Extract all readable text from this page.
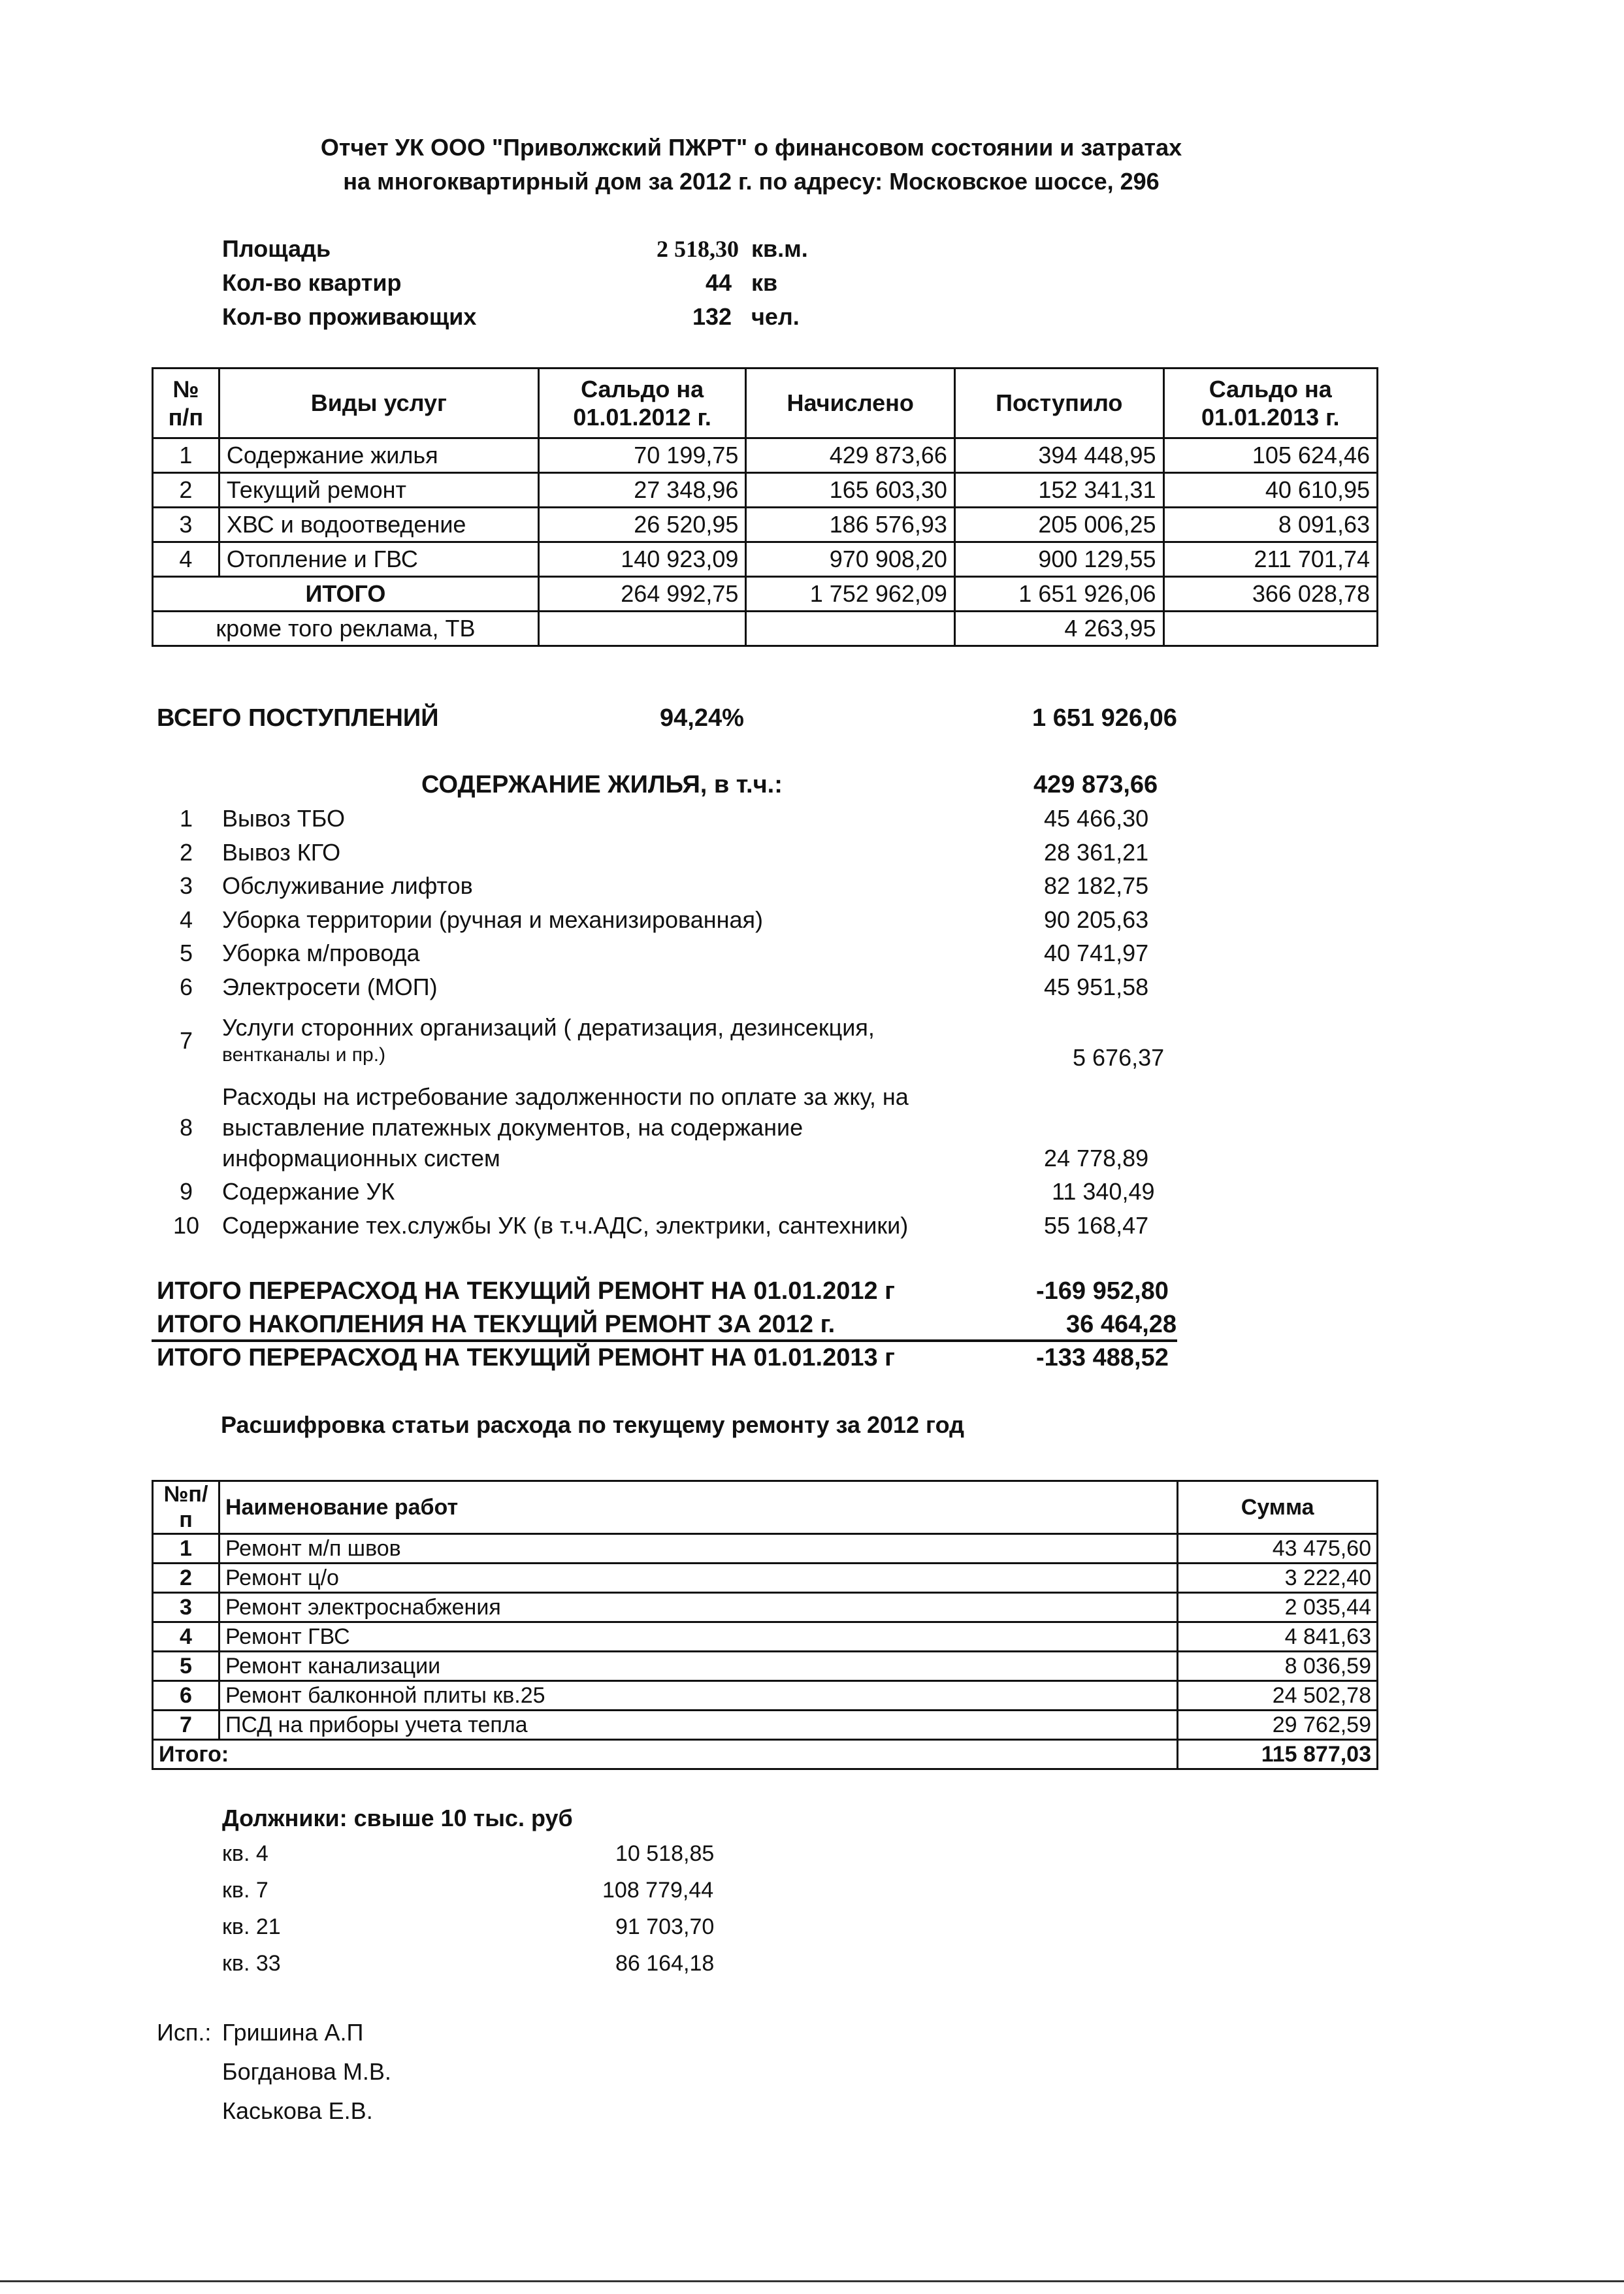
Отчет УК ООО "Приволжский ПЖРТ" о финансовом состоянии и затратах
на многоквартирный дом за 2012 г. по адресу: Московское шоссе, 296
Площадь	2 518,30 кв.м.
Кол-во квартир	44 кв
Кол-во проживающих	132 чел.
№ п/п	Виды услуг	Сальдо на 01.01.2012 г.	Начислено	Поступило	Сальдо на 01.01.2013 г.
1	Содержание жилья	70 199,75	429 873,66	394 448,95	105 624,46
2	Текущий ремонт	27 348,96	165 603,30	152 341,31	40 610,95
3	ХВС и водоотведение	26 520,95	186 576,93	205 006,25	8 091,63
4	Отопление и ГВС	140 923,09	970 908,20	900 129,55	211 701,74
ИТОГО		264 992,75	1 752 962,09	1 651 926,06	366 028,78
кроме того реклама, ТВ				4 263,95	
ВСЕГО ПОСТУПЛЕНИЙ	94,24%	1 651 926,06
СОДЕРЖАНИЕ ЖИЛЬЯ, в т.ч.:	429 873,66
1	Вывоз ТБО	45 466,30
2	Вывоз КГО	28 361,21
3	Обслуживание лифтов	82 182,75
4	Уборка территории (ручная и механизированная)	90 205,63
5	Уборка м/провода	40 741,97
6	Электросети (МОП)	45 951,58
7	Услуги сторонних организаций ( дератизация, дезинсекция,
вентканалы и пр.)	5 676,37
8
Расходы на истребование задолженности по оплате за жку, на
выставление платежных документов, на содержание
информационных систем	24 778,89
9	Содержание УК	11 340,49
10 Содержание тех.службы УК (в т.ч.АДС, электрики, сантехники)	55 168,47
ИТОГО ПЕРЕРАСХОД НА ТЕКУЩИЙ РЕМОНТ НА 01.01.2012 г	-169 952,80
ИТОГО НАКОПЛЕНИЯ НА ТЕКУЩИЙ РЕМОНТ ЗА 2012 г.	36 464,28
ИТОГО ПЕРЕРАСХОД НА ТЕКУЩИЙ РЕМОНТ НА 01.01.2013 г	-133 488,52
Расшифровка статьи расхода по текущему ремонту за 2012 год
№п/п	Наименование работ	Сумма
1	Ремонт м/п швов	43 475,60
2	Ремонт ц/о	3 222,40
3	Ремонт электроснабжения	2 035,44
4	Ремонт ГВС	4 841,63
5	Ремонт канализации	8 036,59
6	Ремонт балконной плиты кв.25	24 502,78
7	ПСД на приборы учета тепла	29 762,59
Итого:		115 877,03
Должники: свыше 10 тыс. руб
кв. 4	10 518,85
кв. 7	108 779,44
кв. 21	91 703,70
кв. 33	86 164,18
Исп.: Гришина А.П
Богданова М.В.
Каськова Е.В.
